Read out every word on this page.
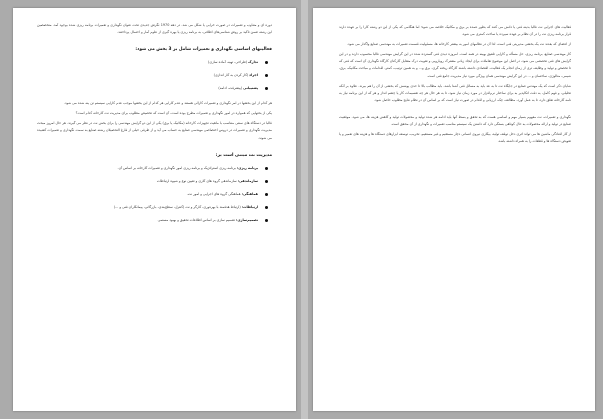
دوره ای و متناوب و تعمیرات در صورت خرابی یا شکل می شد. در دهه 1970 نگرش جدیدی تحت عنوان نگهداری و تعمیرات برنامه ریزی شده بوجود آمد. متخصصین این رشته ضمن تاکید بر روش شناسی‌های اطلاتی، به برنامه ریزی یا بهره گیری از علوم آمار و احتمال پرداختند.

فعالیتهای اساسی نگهداری و تعمیرات شامل بر 3 بخش می شود:
تدارک (طراحی، تهیه، آماده سازی)
اجراء (کار کردن به کار اندازی)
پشتیبانی (پیشرفت، ادامه)

هر کدام از این بخشها در امر نگهداری و تعمیرات کارائی هستند و عدم کارایی هر کدام از این بخشها موجب عدم کارایی سیستم تن ینه شده می شود.

یکی از بحثهایی که همواره در امور نگهداری و تعمیرات مطرح بوده است، آن است که تخصیص مطلوب برای مدیریت نت کارخانه کدام است؟

غالبا در دستگاه های سنتی متناسب با ماهیت تجهیزات کارخانه (مکانیک یا برق) یکی از این دو گرایش مهندسی را برای بخش نت در نظر می گیرند. هر حال امروز مبحث مدیریت نگهداری و تعمیرات در دروس اختصاصی مهندسی صنایع به حساب می آید و از طرفی خیلی از فارغ التحصیلان رشته صنایع به سمت نگهداری و تعمیرات کشیده می شوند.

مدیریت نت مبتنی است بر:
برنامه ریزی: برنامه ریزی استراتژیک و برنامه ریزی امور نگهداری و تعمیرات کارخانه بر اساس آن.
سازماندهی: سازماندهی گروه های کاری و تعیین نوع و شیوه ارتباطات
هماهنگی: هماهنگی گروه های اجرایی و امور نت.
ارتباطات: (ارتباط هدفمند با بهره‌وری، کارگر و نت (کنترل، سطح‌بندی، بازرگانی، پیمانکاران فنی و ...)
تصمیم‌سازی: تصمیم سازی بر اساس اطلاعات تحقیق و بهبود مستمر.

فعالیت های اجرایی نت غالبا بدینه فنی یا دانش می کنند که بطور عمده بر برق و مکانیک خلاصه می شود؛ اما هنگامی که یکی از این دو رشته کارا را بر عهده دارند قرار برنامه ریزی نت را در آن نظام بر عهده سپرده یا ساخت کمتری می شود.

از اعضای که بعدند نت یک بخشی مدیریتی فنی است، لذا آن در نظامهای امور به بیشتر کارخانه ها، مسئولیت قسمت تعمیرات به مهندسی صنایع واگذار می شود.

کار مهندسی صنایع، برنامه ریزی، حل مسأله و کارایی تلفیق بهینه در همه است. امروزه دیدی فنی گسترده شده در این گرایش مهندسی غالبا محسوب دارند و در این گرایش های فنی تخصصی می شود، در اصل این موضوع تعاملات برای ایجاد زبانی مشترک رویارویی و تقویت درک متقابل کارکنان کارگاه نگهداری آن است که فنی که تا تخصص و تولید و وظایف تری از زمان انجام یک فعالیت، اقتصادی داشته باشند کارگاه ریخته گری، برق و... و به همین ترتیب، کمتر، اقدامات و مباحث مکانیک، برق، شیمی، متالوژی، ساختمان و ... در این گرایش مهندسی همان ویژگی مورد نیاز مدیریت جامع فنی است.

شایان ذکر است که یک مهندس صنایع در جایگاه نت تا به عد باید به مسائل فنی آشنا باشد، باید مطالب بالا تا حدی پوشش که بخشی از آن را هم ببرند. علاوه بر آنکه تحلیلی، و فهم کامل، به دقت اتکاپذیر به برای ساختار نرم‌افزار در مورد زمان نیاز شود، تا به هر حال هر چه تقسیمات کار یا چشم انداز و هر که از این برنامه نیاز به نامه کارخانه تعلق دارد، تا به عمل آورد، مطالعه، چک، ارزیابی و اقدام در صورت نیاز است که بر اساس آن در نظام نتایج مطلوب حاصل شود.

نگهداری و تعمیرات، نت مفهوم بسیار مهم و اساسی هست که به تحقق و بسط آنها باید ادامه هر شده تولید و محصولات تولید و کاهش هزینه ها، می شود. موفقیت صنایع در تولید و ارائه محصولات به حال کوتاهی بستگی دارد که داشتن یک سیستم مناسب تعمیرات و نگهداری از آن محقق است.

از کار افتادگی ماشین ها می تواند اثری دخل توقف تولید، بیکاری نیروی انسانی دچار مستقیم و غیر مستقیم، تخریب، توسعه ابزارهای دستگاه ها و هزینه های تعمیر و یا تعویض دستگاه ها و قطعات را به همراه داشته باشد.
